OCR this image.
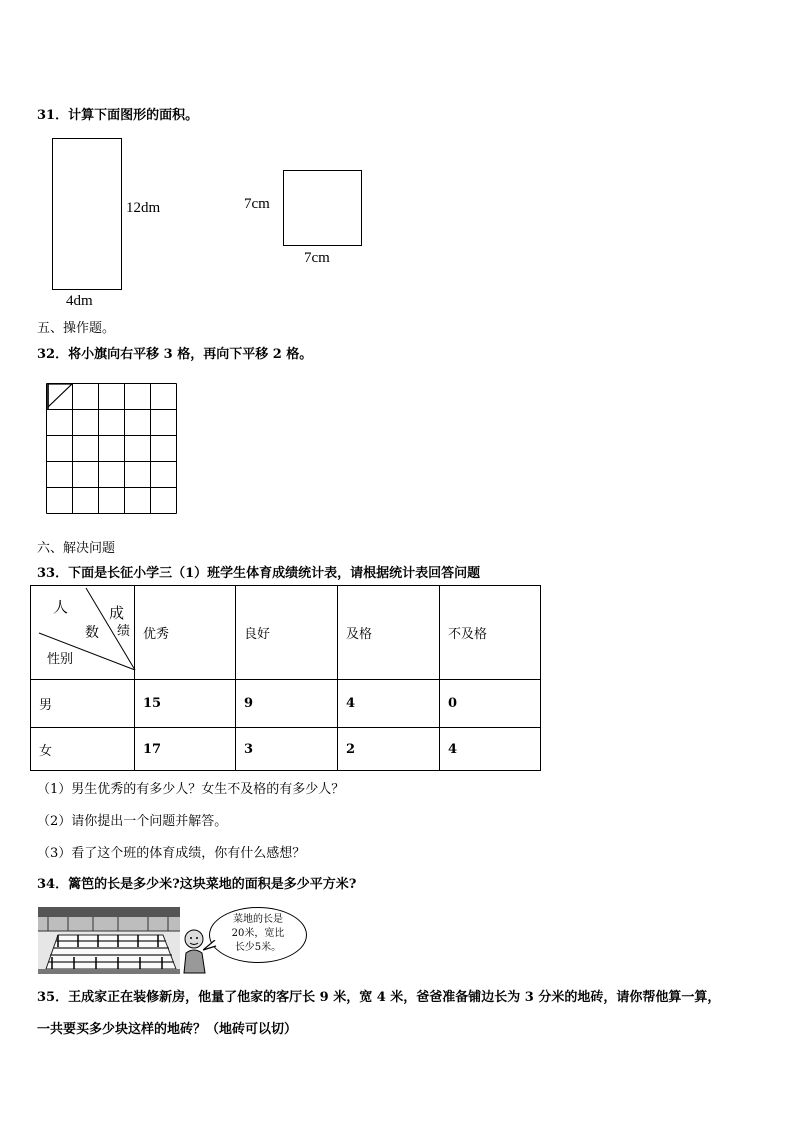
31．计算下面图形的面积。
12dm
4dm
7cm
7cm
五、操作题。
32．将小旗向右平移 3 格，再向下平移 2 格。
六、解决问题
33．下面是长征小学三（1）班学生体育成绩统计表，请根据统计表回答问题
人
数
成
绩
性别	优秀	良好	及格	不及格
男	15	9	4	0
女	17	3	2	4
（1）男生优秀的有多少人？女生不及格的有多少人？
（2）请你提出一个问题并解答。
（3）看了这个班的体育成绩，你有什么感想？
34．篱笆的长是多少米?这块菜地的面积是多少平方米?
菜地的长是
20米，宽比
长少5米。
35．王成家正在装修新房，他量了他家的客厅长 9 米，宽 4 米，爸爸准备铺边长为 3 分米的地砖，请你帮他算一算，
一共要买多少块这样的地砖？（地砖可以切）
